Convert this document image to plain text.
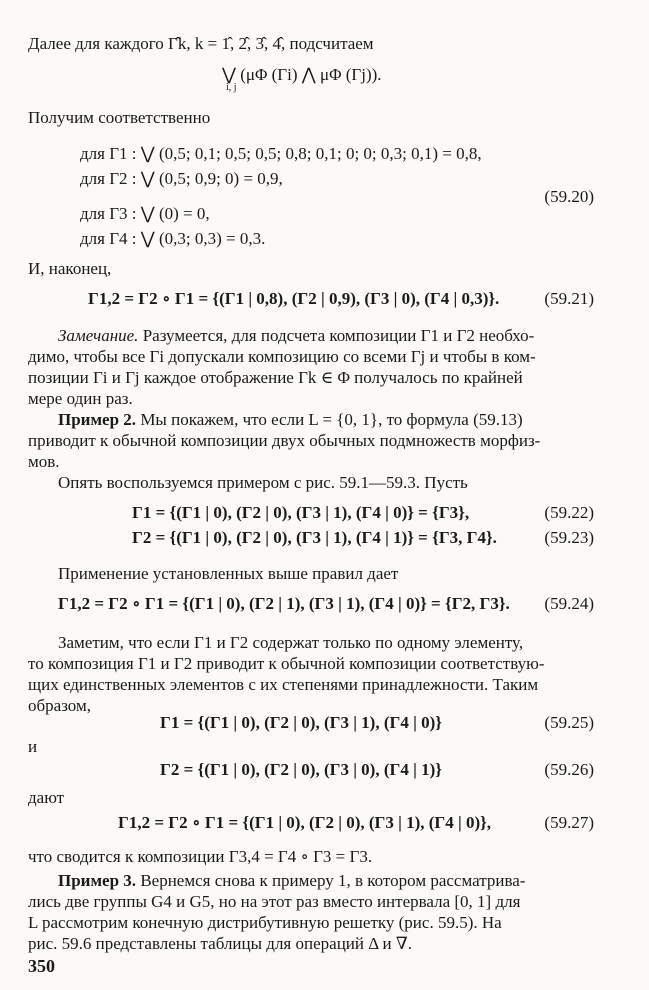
Далее для каждого Γ̂k, k = 1̂, 2̂, 3̂, 4̂, подсчитаем
⋁ (μΦ (Γi) ⋀ μΦ (Γj)).
i, j
Получим соответственно
для Γ1 : ⋁ (0,5; 0,1; 0,5; 0,5; 0,8; 0,1; 0; 0; 0,3; 0,1) = 0,8,
для Γ2 : ⋁ (0,5; 0,9; 0) = 0,9,
(59.20)
для Γ3 : ⋁ (0) = 0,
для Γ4 : ⋁ (0,3; 0,3) = 0,3.
И, наконец,
Γ1,2 = Γ2 ∘ Γ1 = {(Γ1 | 0,8), (Γ2 | 0,9), (Γ3 | 0), (Γ4 | 0,3)}.	(59.21)
Замечание. Разумеется, для подсчета композиции Γ1 и Γ2 необхо-
димо, чтобы все Γi допускали композицию со всеми Γj и чтобы в ком-
позиции Γi и Γj каждое отображение Γk ∈ Φ получалось по крайней
мере один раз.
Пример 2. Мы покажем, что если L = {0, 1}, то формула (59.13)
приводит к обычной композиции двух обычных подмножеств морфиз-
мов.
Опять воспользуемся примером с рис. 59.1—59.3. Пусть
Γ1 = {(Γ1 | 0), (Γ2 | 0), (Γ3 | 1), (Γ4 | 0)} = {Γ3},	(59.22)
Γ2 = {(Γ1 | 0), (Γ2 | 0), (Γ3 | 1), (Γ4 | 1)} = {Γ3, Γ4}.	(59.23)
Применение установленных выше правил дает
Γ1,2 = Γ2 ∘ Γ1 = {(Γ1 | 0), (Γ2 | 1), (Γ3 | 1), (Γ4 | 0)} = {Γ2, Γ3}. (59.24)
Заметим, что если Γ1 и Γ2 содержат только по одному элементу,
то композиция Γ1 и Γ2 приводит к обычной композиции соответствую-
щих единственных элементов с их степенями принадлежности. Таким
образом,
Γ1 = {(Γ1 | 0), (Γ2 | 0), (Γ3 | 1), (Γ4 | 0)}	(59.25)
и
Γ2 = {(Γ1 | 0), (Γ2 | 0), (Γ3 | 0), (Γ4 | 1)}	(59.26)
дают
Γ1,2 = Γ2 ∘ Γ1 = {(Γ1 | 0), (Γ2 | 0), (Γ3 | 1), (Γ4 | 0)},	(59.27)
что сводится к композиции Γ3,4 = Γ4 ∘ Γ3 = Γ3.
Пример 3. Вернемся снова к примеру 1, в котором рассматрива-
лись две группы G4 и G5, но на этот раз вместо интервала [0, 1] для
L рассмотрим конечную дистрибутивную решетку (рис. 59.5). На
рис. 59.6 представлены таблицы для операций Δ и ∇.
350
